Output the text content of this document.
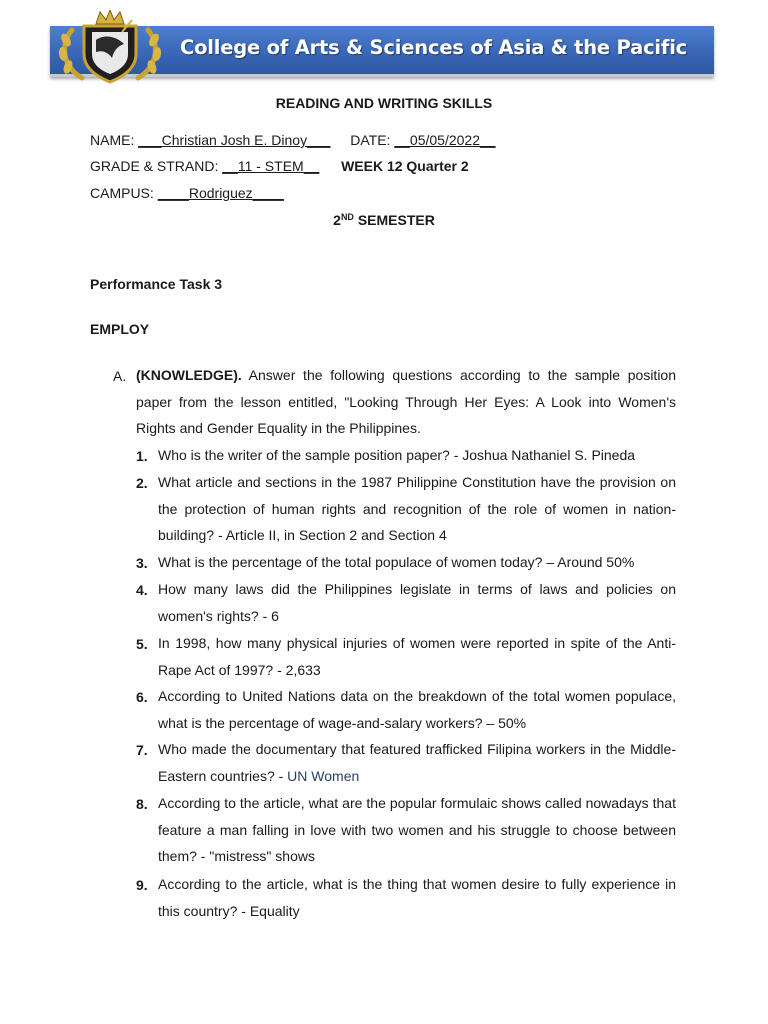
College of Arts & Sciences of Asia & the Pacific
READING AND WRITING SKILLS
NAME: ___Christian Josh E. Dinoy___ DATE: __05/05/2022__
GRADE & STRAND: __11 - STEM__ WEEK 12 Quarter 2
CAMPUS: ____Rodriguez____
2ND SEMESTER
Performance Task 3
EMPLOY
A. (KNOWLEDGE). Answer the following questions according to the sample position paper from the lesson entitled, "Looking Through Her Eyes: A Look into Women's Rights and Gender Equality in the Philippines.
1. Who is the writer of the sample position paper? - Joshua Nathaniel S. Pineda
2. What article and sections in the 1987 Philippine Constitution have the provision on the protection of human rights and recognition of the role of women in nation-building? - Article II, in Section 2 and Section 4
3. What is the percentage of the total populace of women today? – Around 50%
4. How many laws did the Philippines legislate in terms of laws and policies on women's rights? - 6
5. In 1998, how many physical injuries of women were reported in spite of the Anti-Rape Act of 1997? - 2,633
6. According to United Nations data on the breakdown of the total women populace, what is the percentage of wage-and-salary workers? – 50%
7. Who made the documentary that featured trafficked Filipina workers in the Middle-Eastern countries? - UN Women
8. According to the article, what are the popular formulaic shows called nowadays that feature a man falling in love with two women and his struggle to choose between them? - "mistress" shows
9. According to the article, what is the thing that women desire to fully experience in this country? - Equality
